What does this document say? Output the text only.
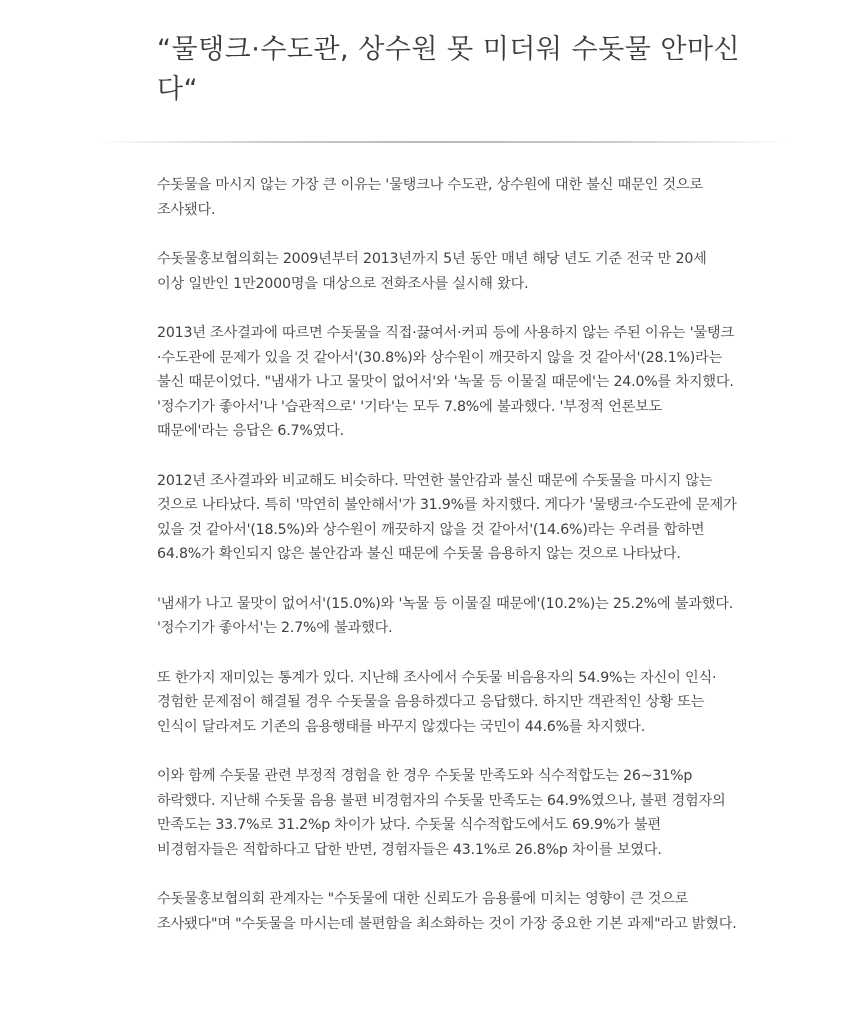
“물탱크·수도관, 상수원 못 미더워 수돗물 안마신다“

수돗물을 마시지 않는 가장 큰 이유는 '물탱크나 수도관, 상수원에 대한 불신 때문인 것으로 조사됐다.

수돗물홍보협의회는 2009년부터 2013년까지 5년 동안 매년 해당 년도 기준 전국 만 20세 이상 일반인 1만2000명을 대상으로 전화조사를 실시해 왔다.

2013년 조사결과에 따르면 수돗물을 직접·끓여서·커피 등에 사용하지 않는 주된 이유는 '물탱크·수도관에 문제가 있을 것 같아서'(30.8%)와 상수원이 깨끗하지 않을 것 같아서'(28.1%)라는 불신 때문이었다. "냄새가 나고 물맛이 없어서'와 '녹물 등 이물질 때문에'는 24.0%를 차지했다. '정수기가 좋아서'나 '습관적으로' '기타'는 모두 7.8%에 불과했다. '부정적 언론보도 때문에'라는 응답은 6.7%였다.

2012년 조사결과와 비교해도 비슷하다. 막연한 불안감과 불신 때문에 수돗물을 마시지 않는 것으로 나타났다. 특히 '막연히 불안해서'가 31.9%를 차지했다. 게다가 '물탱크·수도관에 문제가 있을 것 같아서'(18.5%)와 상수원이 깨끗하지 않을 것 같아서'(14.6%)라는 우려를 합하면 64.8%가 확인되지 않은 불안감과 불신 때문에 수돗물 음용하지 않는 것으로 나타났다.

'냄새가 나고 물맛이 없어서'(15.0%)와 '녹물 등 이물질 때문에'(10.2%)는 25.2%에 불과했다. '정수기가 좋아서'는 2.7%에 불과했다.

또 한가지 재미있는 통계가 있다. 지난해 조사에서 수돗물 비음용자의 54.9%는 자신이 인식·경험한 문제점이 해결될 경우 수돗물을 음용하겠다고 응답했다. 하지만 객관적인 상황 또는 인식이 달라져도 기존의 음용행태를 바꾸지 않겠다는 국민이 44.6%를 차지했다.

이와 함께 수돗물 관련 부정적 경험을 한 경우 수돗물 만족도와 식수적합도는 26~31%p 하락했다. 지난해 수돗물 음용 불편 비경험자의 수돗물 만족도는 64.9%였으나, 불편 경험자의 만족도는 33.7%로 31.2%p 차이가 났다. 수돗물 식수적합도에서도 69.9%가 불편 비경험자들은 적합하다고 답한 반면, 경험자들은 43.1%로 26.8%p 차이를 보였다.

수돗물홍보협의회 관계자는 "수돗물에 대한 신뢰도가 음용률에 미치는 영향이 큰 것으로 조사됐다"며 "수돗물을 마시는데 불편함을 최소화하는 것이 가장 중요한 기본 과제"라고 밝혔다.
